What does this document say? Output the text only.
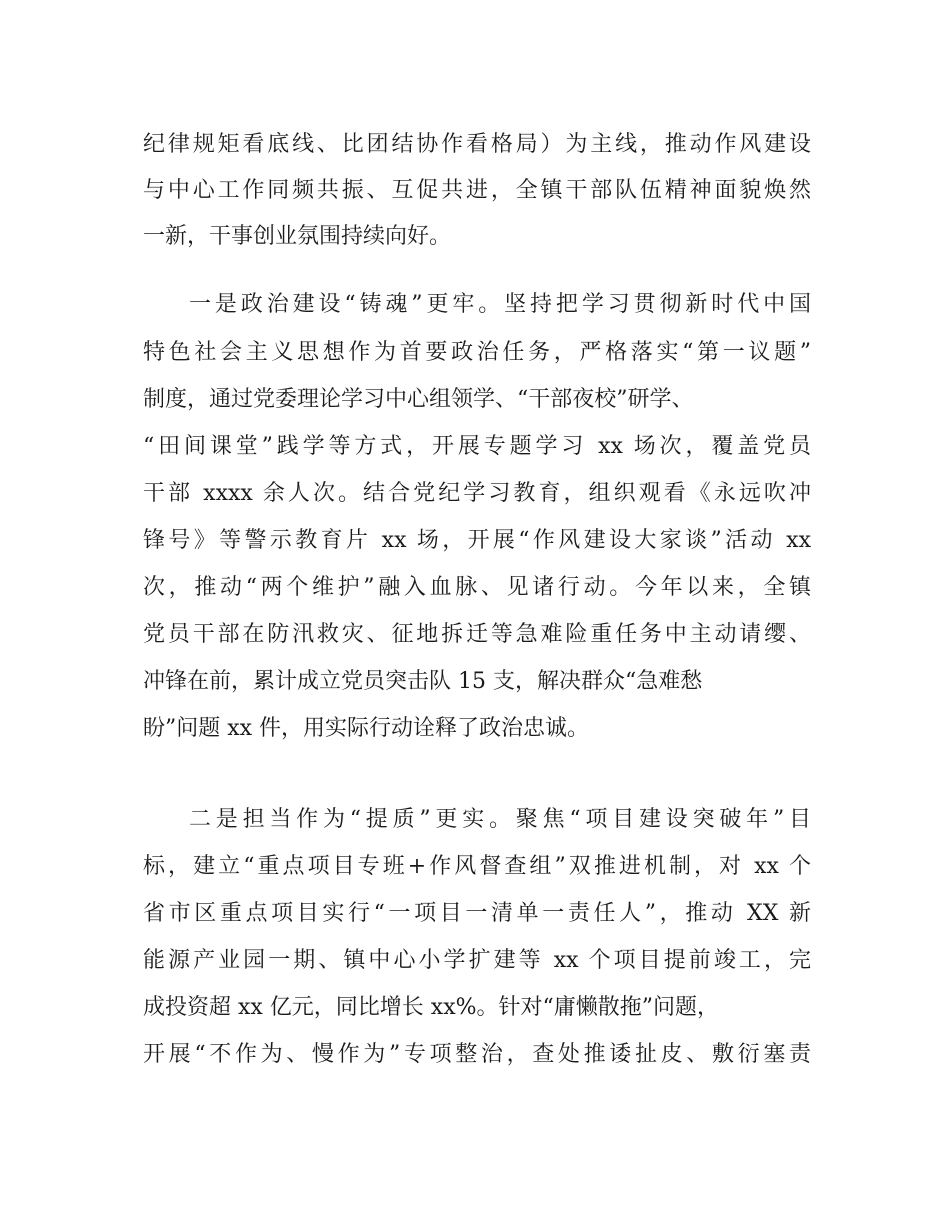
纪律规矩看底线、比团结协作看格局）为主线，推动作风建设
与中心工作同频共振、互促共进，全镇干部队伍精神面貌焕然
一新，干事创业氛围持续向好。
一是政治建设“铸魂”更牢。坚持把学习贯彻新时代中国
特色社会主义思想作为首要政治任务，严格落实“第一议题”
制度，通过党委理论学习中心组领学、“干部夜校”研学、
“田间课堂”践学等方式，开展专题学习 xx 场次，覆盖党员
干部 xxxx 余人次。结合党纪学习教育，组织观看《永远吹冲
锋号》等警示教育片 xx 场，开展“作风建设大家谈”活动 xx
次，推动“两个维护”融入血脉、见诸行动。今年以来，全镇
党员干部在防汛救灾、征地拆迁等急难险重任务中主动请缨、
冲锋在前，累计成立党员突击队 15 支，解决群众“急难愁
盼”问题 xx 件，用实际行动诠释了政治忠诚。
二是担当作为“提质”更实。聚焦“项目建设突破年”目
标，建立“重点项目专班+作风督查组”双推进机制，对 xx 个
省市区重点项目实行“一项目一清单一责任人”，推动 XX 新
能源产业园一期、镇中心小学扩建等 xx 个项目提前竣工，完
成投资超 xx 亿元，同比增长 xx%。针对“庸懒散拖”问题，
开展“不作为、慢作为”专项整治，查处推诿扯皮、敷衍塞责
